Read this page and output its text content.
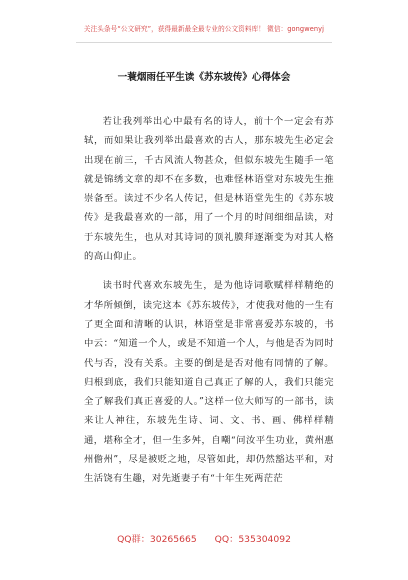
关注头条号“公文研究”，获得最新最全最专业的公文资料库！ 微信：gongwenyj
一蓑烟雨任平生读《苏东坡传》心得体会

若让我列举出心中最有名的诗人，前十个一定会有苏轼，而如果让我列举出最喜欢的古人，那东坡先生必定会出现在前三，千古风流人物甚众，但似东坡先生随手一笔就是锦绣文章的却不在多数，也难怪林语堂对东坡先生推崇备至。读过不少名人传记，但是林语堂先生的《苏东坡传》是我最喜欢的一部，用了一个月的时间细细品读，对于东坡先生，也从对其诗词的顶礼膜拜逐渐变为对其人格的高山仰止。

读书时代喜欢东坡先生，是为他诗词歌赋样样精绝的才华所倾倒，读完这本《苏东坡传》，才使我对他的一生有了更全面和清晰的认识，林语堂是非常喜爱苏东坡的，书中云：“知道一个人，或是不知道一个人，与他是否为同时代与否，没有关系。主要的倒是是否对他有同情的了解。归根到底，我们只能知道自己真正了解的人，我们只能完全了解我们真正喜爱的人。”这样一位大师写的一部书，读来让人神往，东坡先生诗、词、文、书、画、佛样样精通，堪称全才，但一生多舛，自嘲“问汝平生功业，黄州惠州儋州”，尽是被贬之地，尽管如此，却仍然豁达平和，对生活饶有生趣，对先逝妻子有“十年生死两茫茫

QQ群：30265665 QQ：535304092
